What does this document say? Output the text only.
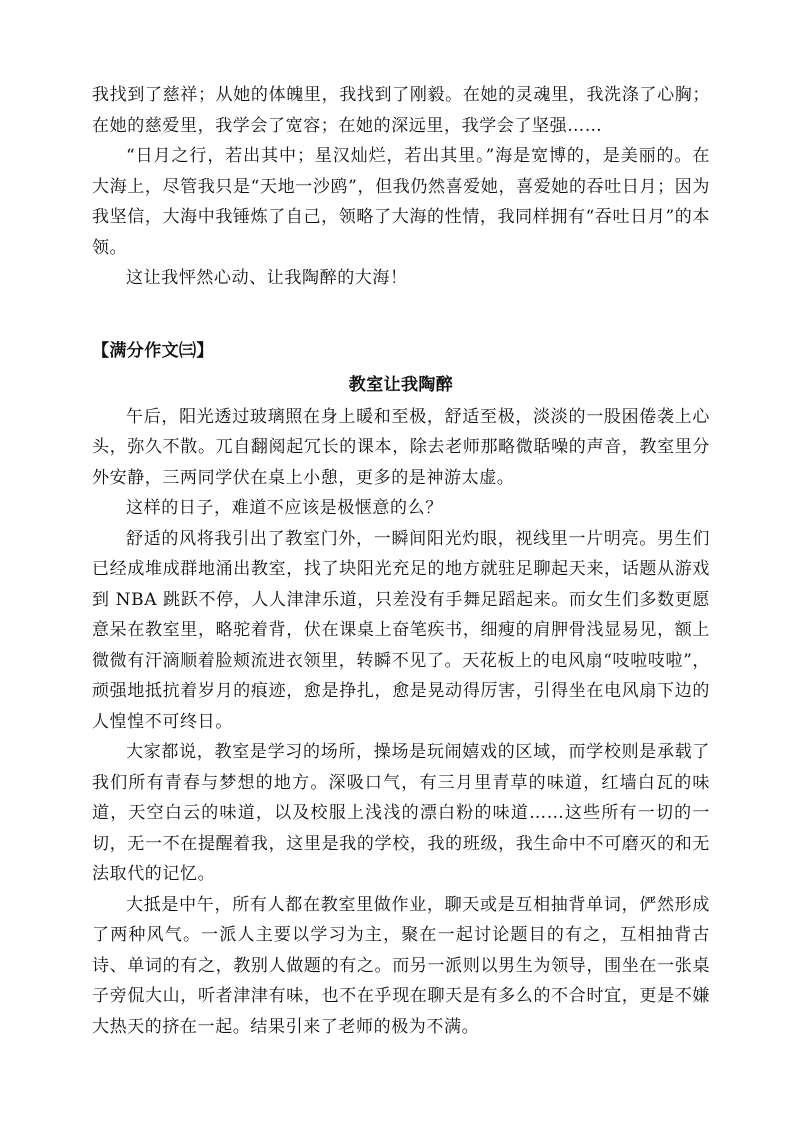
我找到了慈祥；从她的体魄里，我找到了刚毅。在她的灵魂里，我洗涤了心胸；在她的慈爱里，我学会了宽容；在她的深远里，我学会了坚强……

“日月之行，若出其中；星汉灿烂，若出其里。”海是宽博的，是美丽的。在大海上，尽管我只是“天地一沙鸥”，但我仍然喜爱她，喜爱她的吞吐日月；因为我坚信，大海中我锤炼了自己，领略了大海的性情，我同样拥有“吞吐日月”的本领。

这让我怦然心动、让我陶醉的大海！

【满分作文㈢】

教室让我陶醉

午后，阳光透过玻璃照在身上暖和至极，舒适至极，淡淡的一股困倦袭上心头，弥久不散。兀自翻阅起冗长的课本，除去老师那略微聒噪的声音，教室里分外安静，三两同学伏在桌上小憩，更多的是神游太虚。

这样的日子，难道不应该是极惬意的么？

舒适的风将我引出了教室门外，一瞬间阳光灼眼，视线里一片明亮。男生们已经成堆成群地涌出教室，找了块阳光充足的地方就驻足聊起天来，话题从游戏到 NBA 跳跃不停，人人津津乐道，只差没有手舞足蹈起来。而女生们多数更愿意呆在教室里，略驼着背，伏在课桌上奋笔疾书，细瘦的肩胛骨浅显易见，额上微微有汗滴顺着脸颊流进衣领里，转瞬不见了。天花板上的电风扇“吱啦吱啦”，顽强地抵抗着岁月的痕迹，愈是挣扎，愈是晃动得厉害，引得坐在电风扇下边的人惶惶不可终日。

大家都说，教室是学习的场所，操场是玩闹嬉戏的区域，而学校则是承载了我们所有青春与梦想的地方。深吸口气，有三月里青草的味道，红墙白瓦的味道，天空白云的味道，以及校服上浅浅的漂白粉的味道……这些所有一切的一切，无一不在提醒着我，这里是我的学校，我的班级，我生命中不可磨灭的和无法取代的记忆。

大抵是中午，所有人都在教室里做作业，聊天或是互相抽背单词，俨然形成了两种风气。一派人主要以学习为主，聚在一起讨论题目的有之，互相抽背古诗、单词的有之，教别人做题的有之。而另一派则以男生为领导，围坐在一张桌子旁侃大山，听者津津有味，也不在乎现在聊天是有多么的不合时宜，更是不嫌大热天的挤在一起。结果引来了老师的极为不满。
